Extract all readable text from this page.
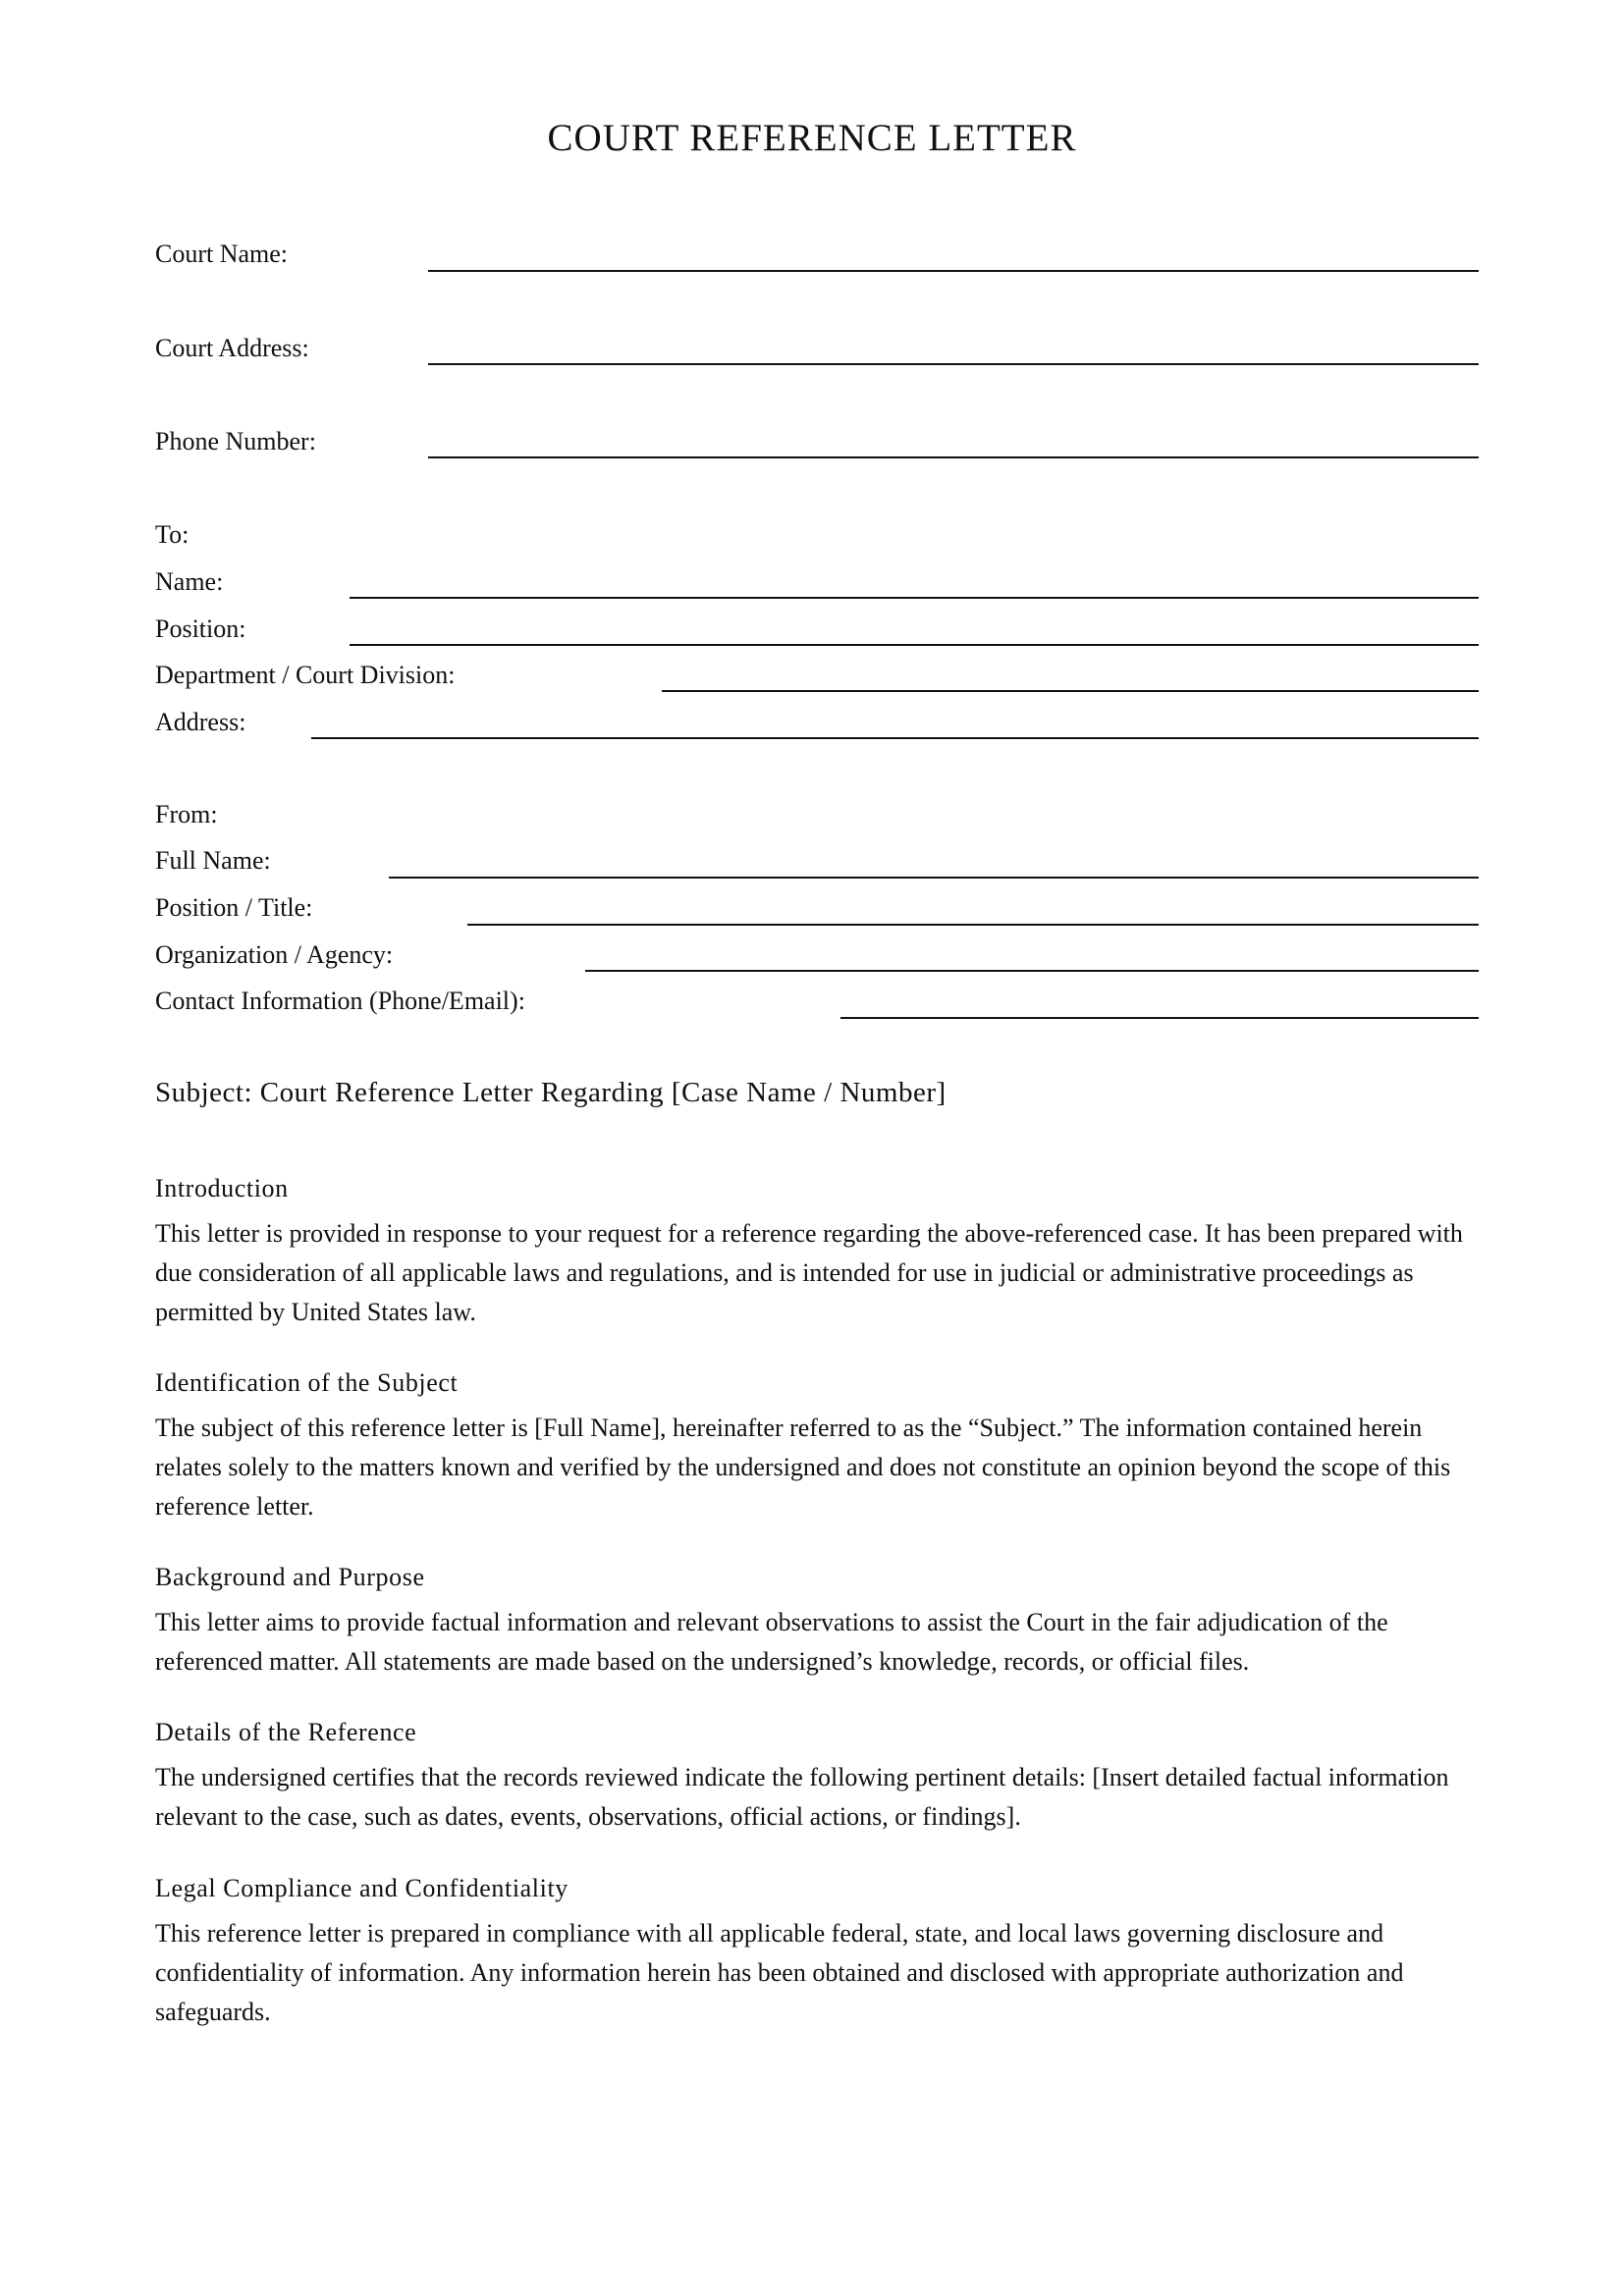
COURT REFERENCE LETTER
Court Name:
Court Address:
Phone Number:
To:
Name:
Position:
Department / Court Division:
Address:
From:
Full Name:
Position / Title:
Organization / Agency:
Contact Information (Phone/Email):
Subject: Court Reference Letter Regarding [Case Name / Number]
Introduction
This letter is provided in response to your request for a reference regarding the above-referenced case. It has been prepared with due consideration of all applicable laws and regulations, and is intended for use in judicial or administrative proceedings as permitted by United States law.
Identification of the Subject
The subject of this reference letter is [Full Name], hereinafter referred to as the “Subject.” The information contained herein relates solely to the matters known and verified by the undersigned and does not constitute an opinion beyond the scope of this reference letter.
Background and Purpose
This letter aims to provide factual information and relevant observations to assist the Court in the fair adjudication of the referenced matter. All statements are made based on the undersigned’s knowledge, records, or official files.
Details of the Reference
The undersigned certifies that the records reviewed indicate the following pertinent details: [Insert detailed factual information relevant to the case, such as dates, events, observations, official actions, or findings].
Legal Compliance and Confidentiality
This reference letter is prepared in compliance with all applicable federal, state, and local laws governing disclosure and confidentiality of information. Any information herein has been obtained and disclosed with appropriate authorization and safeguards.
